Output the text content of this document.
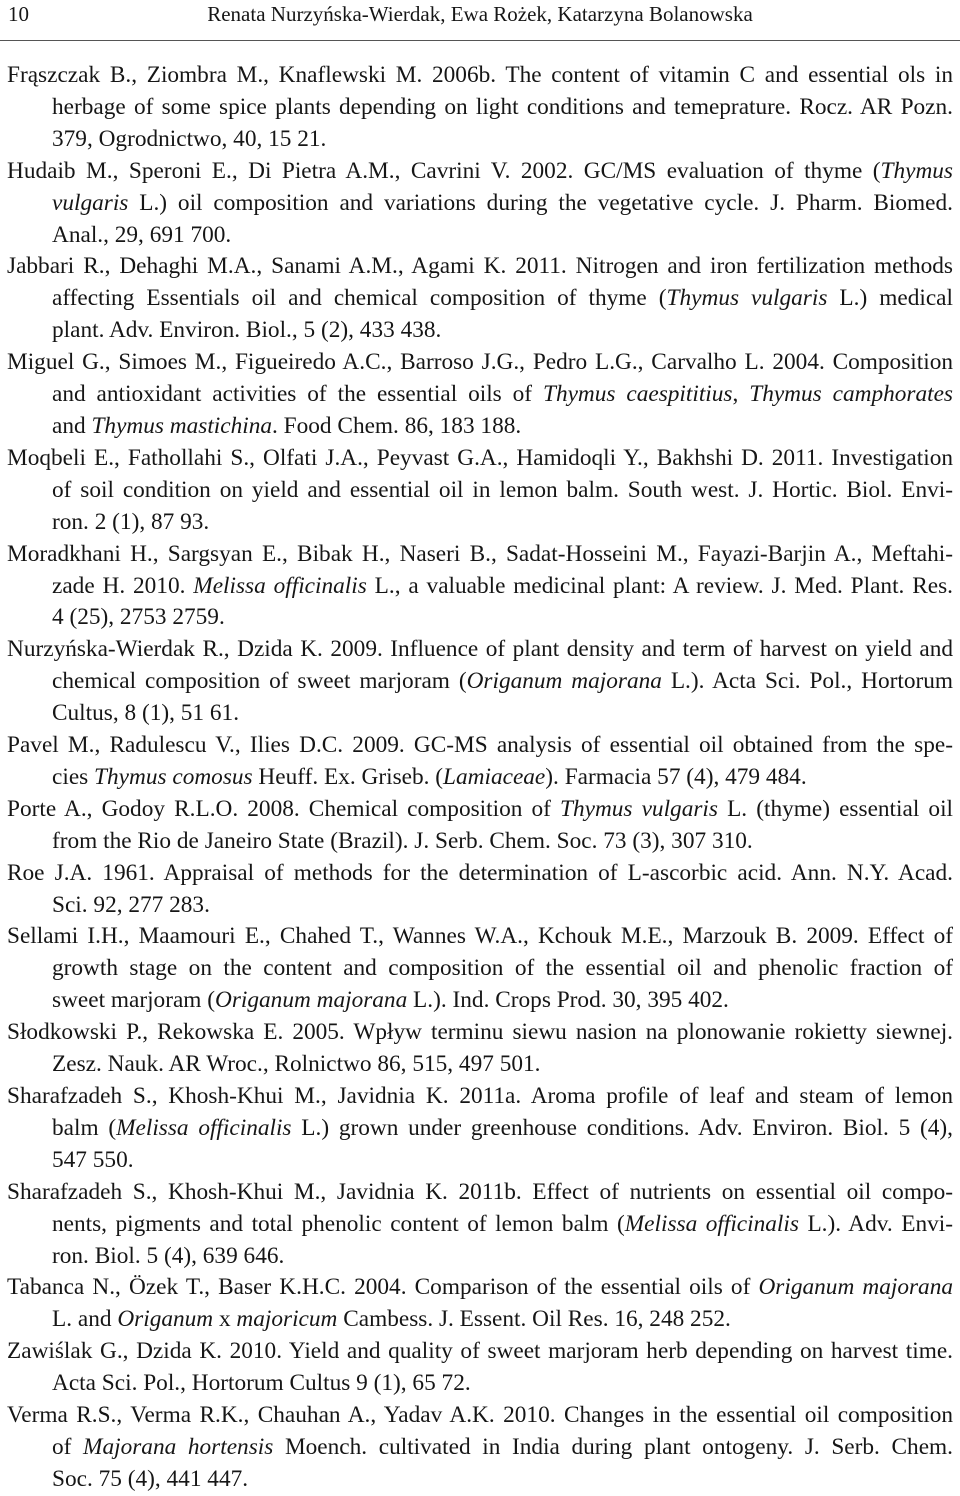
10	Renata Nurzyńska-Wierdak, Ewa Rożek, Katarzyna Bolanowska
Frąszczak B., Ziombra M., Knaflewski M. 2006b. The content of vitamin C and essential ols in
herbage of some spice plants depending on light conditions and temeprature. Rocz. AR Pozn.
379, Ogrodnictwo, 40, 15 21.
Hudaib M., Speroni E., Di Pietra A.M., Cavrini V. 2002. GC/MS evaluation of thyme (Thymus
vulgaris L.) oil composition and variations during the vegetative cycle. J. Pharm. Biomed.
Anal., 29, 691 700.
Jabbari R., Dehaghi M.A., Sanami A.M., Agami K. 2011. Nitrogen and iron fertilization methods
affecting Essentials oil and chemical composition of thyme (Thymus vulgaris L.) medical
plant. Adv. Environ. Biol., 5 (2), 433 438.
Miguel G., Simoes M., Figueiredo A.C., Barroso J.G., Pedro L.G., Carvalho L. 2004. Composition
and antioxidant activities of the essential oils of Thymus caespititius, Thymus camphorates
and Thymus mastichina. Food Chem. 86, 183 188.
Moqbeli E., Fathollahi S., Olfati J.A., Peyvast G.A., Hamidoqli Y., Bakhshi D. 2011. Investigation
of soil condition on yield and essential oil in lemon balm. South west. J. Hortic. Biol. Envi-
ron. 2 (1), 87 93.
Moradkhani H., Sargsyan E., Bibak H., Naseri B., Sadat-Hosseini M., Fayazi-Barjin A., Meftahi-
zade H. 2010. Melissa officinalis L., a valuable medicinal plant: A review. J. Med. Plant. Res.
4 (25), 2753 2759.
Nurzyńska-Wierdak R., Dzida K. 2009. Influence of plant density and term of harvest on yield and
chemical composition of sweet marjoram (Origanum majorana L.). Acta Sci. Pol., Hortorum
Cultus, 8 (1), 51 61.
Pavel M., Radulescu V., Ilies D.C. 2009. GC-MS analysis of essential oil obtained from the spe-
cies Thymus comosus Heuff. Ex. Griseb. (Lamiaceae). Farmacia 57 (4), 479 484.
Porte A., Godoy R.L.O. 2008. Chemical composition of Thymus vulgaris L. (thyme) essential oil
from the Rio de Janeiro State (Brazil). J. Serb. Chem. Soc. 73 (3), 307 310.
Roe J.A. 1961. Appraisal of methods for the determination of L-ascorbic acid. Ann. N.Y. Acad.
Sci. 92, 277 283.
Sellami I.H., Maamouri E., Chahed T., Wannes W.A., Kchouk M.E., Marzouk B. 2009. Effect of
growth stage on the content and composition of the essential oil and phenolic fraction of
sweet marjoram (Origanum majorana L.). Ind. Crops Prod. 30, 395 402.
Słodkowski P., Rekowska E. 2005. Wpływ terminu siewu nasion na plonowanie rokietty siewnej.
Zesz. Nauk. AR Wroc., Rolnictwo 86, 515, 497 501.
Sharafzadeh S., Khosh-Khui M., Javidnia K. 2011a. Aroma profile of leaf and steam of lemon
balm (Melissa officinalis L.) grown under greenhouse conditions. Adv. Environ. Biol. 5 (4),
547 550.
Sharafzadeh S., Khosh-Khui M., Javidnia K. 2011b. Effect of nutrients on essential oil compo-
nents, pigments and total phenolic content of lemon balm (Melissa officinalis L.). Adv. Envi-
ron. Biol. 5 (4), 639 646.
Tabanca N., Özek T., Baser K.H.C. 2004. Comparison of the essential oils of Origanum majorana
L. and Origanum x majoricum Cambess. J. Essent. Oil Res. 16, 248 252.
Zawiślak G., Dzida K. 2010. Yield and quality of sweet marjoram herb depending on harvest time.
Acta Sci. Pol., Hortorum Cultus 9 (1), 65 72.
Verma R.S., Verma R.K., Chauhan A., Yadav A.K. 2010. Changes in the essential oil composition
of Majorana hortensis Moench. cultivated in India during plant ontogeny. J. Serb. Chem.
Soc. 75 (4), 441 447.
